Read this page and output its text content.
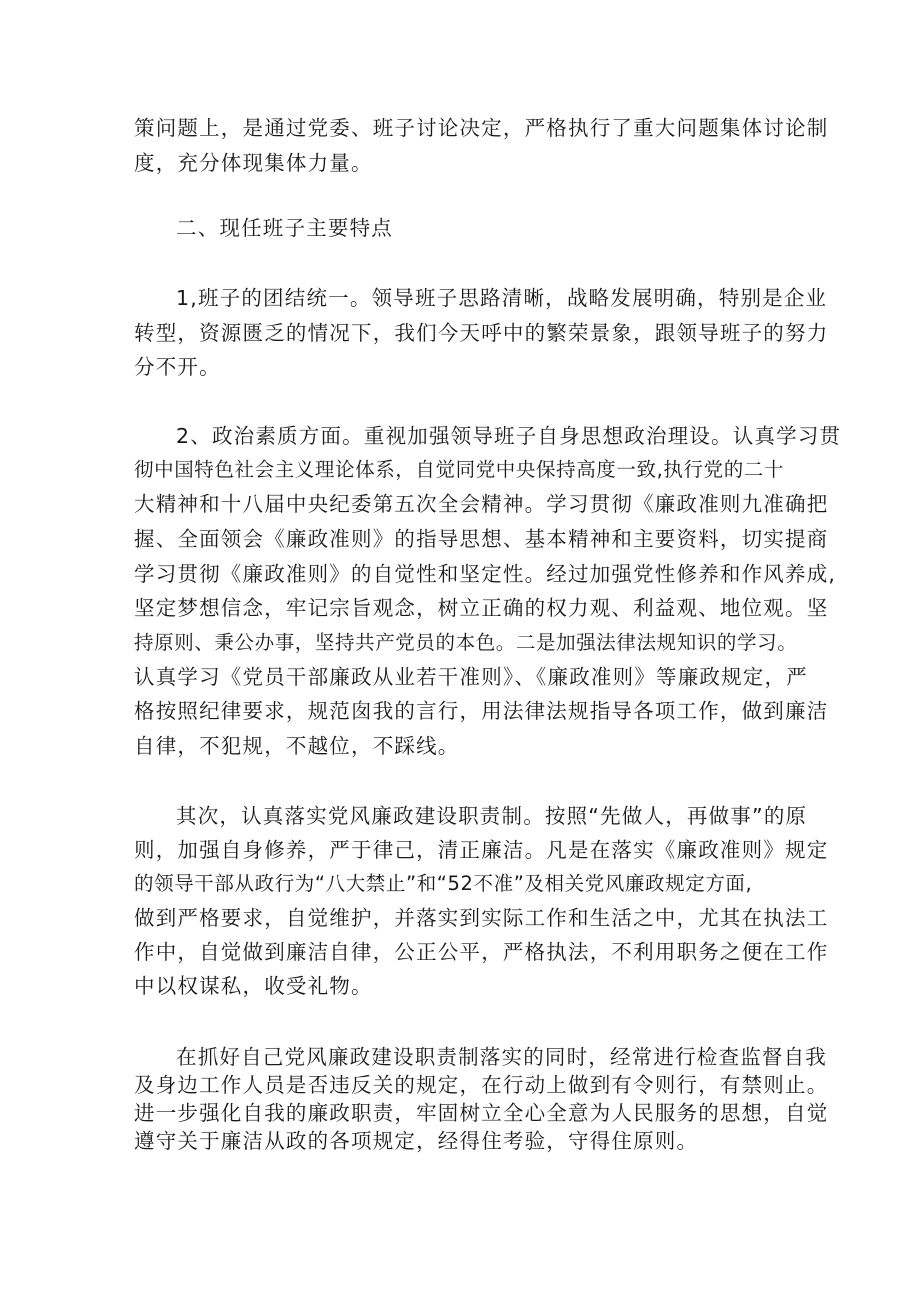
策问题上，是通过党委、班子讨论决定，严格执行了重大问题集体讨论制
度，充分体现集体力量。
二、现任班子主要特点
1,班子的团结统一。领导班子思路清晰，战略发展明确，特别是企业
转型，资源匮乏的情况下，我们今天呼中的繁荣景象，跟领导班子的努力
分不开。
2、政治素质方面。重视加强领导班子自身思想政治理设。认真学习贯
彻中国特色社会主义理论体系，自觉同党中央保持高度一致,执行党的二十
大精神和十八届中央纪委第五次全会精神。学习贯彻《廉政准则九准确把
握、全面领会《廉政准则》的指导思想、基本精神和主要资料，切实提商
学习贯彻《廉政准则》的自觉性和坚定性。经过加强党性修养和作风养成,
坚定梦想信念，牢记宗旨观念，树立正确的权力观、利益观、地位观。坚
持原则、秉公办事，坚持共产党员的本色。二是加强法律法规知识的学习。
认真学习《党员干部廉政从业若干准则》、《廉政准则》等廉政规定，严
格按照纪律要求，规范囱我的言行，用法律法规指导各项工作，做到廉洁
自律，不犯规，不越位，不踩线。
其次，认真落实党风廉政建设职责制。按照“先做人，再做事”的原
则，加强自身修养，严于律己，清正廉洁。凡是在落实《廉政准则》规定
的领导干部从政行为“八大禁止”和“52不准”及相关党风廉政规定方面,
做到严格要求，自觉维护，并落实到实际工作和生活之中，尤其在执法工
作中，自觉做到廉洁自律，公正公平，严格执法，不利用职务之便在工作
中以权谋私，收受礼物。
在抓好自己党风廉政建设职责制落实的同时，经常进行检查监督自我
及身边工作人员是否违反关的规定，在行动上做到有令则行，有禁则止。
进一步强化自我的廉政职责，牢固树立全心全意为人民服务的思想，自觉
遵守关于廉洁从政的各项规定，经得住考验，守得住原则。
